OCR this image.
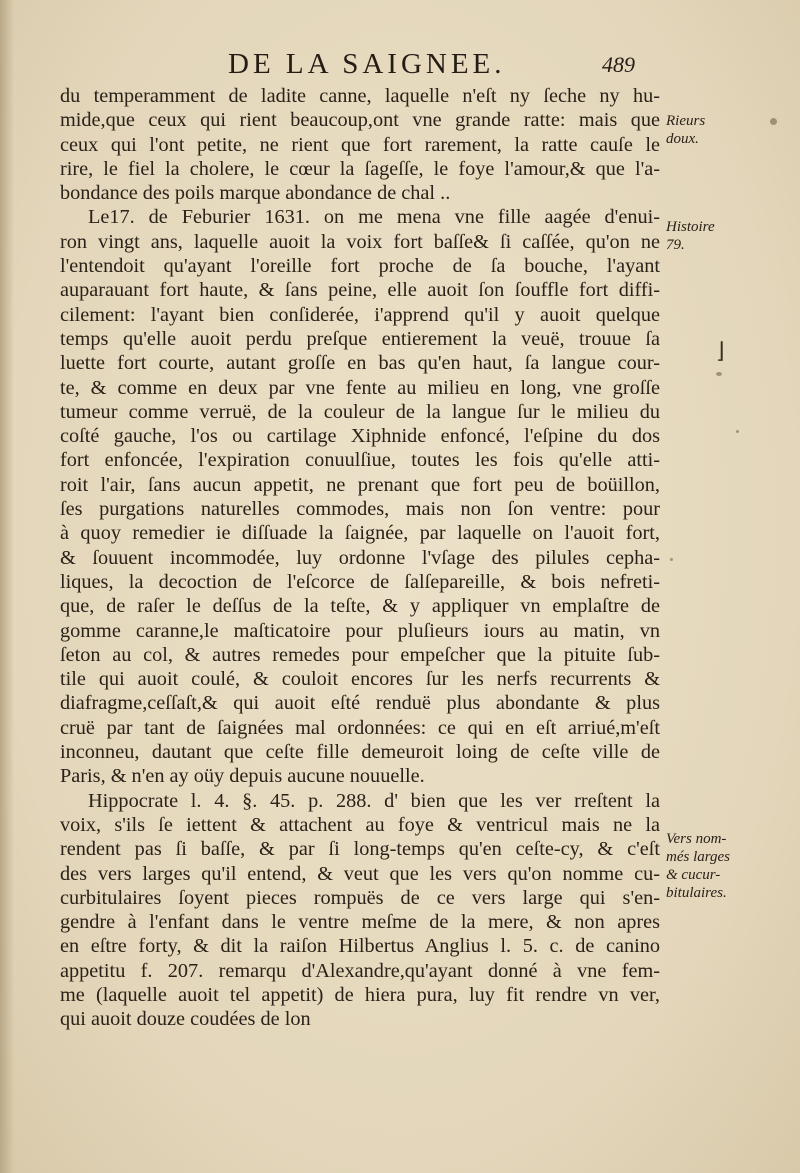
DE LA SAIGNEE.	489
du temperamment de ladite canne, laquelle n'eſt ny ſeche ny hu-
mide,que ceux qui rient beaucoup,ont vne grande ratte: mais que
ceux qui l'ont petite, ne rient que fort rarement, la ratte cauſe le
rire, le fiel la cholere, le cœur la ſageſſe, le foye l'amour,& que l'a-
bondance des poils marque abondance de chal ..
Le17. de Feburier 1631. on me mena vne fille aagée d'enui-
ron vingt ans, laquelle auoit la voix fort baſſe& ſi caſſée, qu'on ne
l'entendoit qu'ayant l'oreille fort proche de ſa bouche, l'ayant
auparauant fort haute, & ſans peine, elle auoit ſon ſouffle fort diffi-
cilement: l'ayant bien conſiderée, i'apprend qu'il y auoit quelque
temps qu'elle auoit perdu preſque entierement la veuë, trouue ſa
luette fort courte, autant groſſe en bas qu'en haut, ſa langue cour-
te, & comme en deux par vne fente au milieu en long, vne groſſe
tumeur comme verruë, de la couleur de la langue ſur le milieu du
coſté gauche, l'os ou cartilage Xiphnide enfoncé, l'eſpine du dos
fort enfoncée, l'expiration conuulſiue, toutes les fois qu'elle atti-
roit l'air, ſans aucun appetit, ne prenant que fort peu de boüillon,
ſes purgations naturelles commodes, mais non ſon ventre: pour
à quoy remedier ie diſſuade la ſaignée, par laquelle on l'auoit fort,
& ſouuent incommodée, luy ordonne l'vſage des pilules cepha-
liques, la decoction de l'eſcorce de ſalſepareille, & bois nefreti-
que, de raſer le deſſus de la teſte, & y appliquer vn emplaſtre de
gomme caranne,le maſticatoire pour pluſieurs iours au matin, vn
ſeton au col, & autres remedes pour empeſcher que la pituite ſub-
tile qui auoit coulé, & couloit encores ſur les nerfs recurrents &
diafragme,ceſſaſt,& qui auoit eſté renduë plus abondante & plus
cruë par tant de ſaignées mal ordonnées: ce qui en eſt arriué,m'eſt
inconneu, dautant que ceſte fille demeuroit loing de ceſte ville de
Paris, & n'en ay oüy depuis aucune nouuelle.
Hippocrate l. 4. §. 45. p. 288. d' bien que les ver rreſtent la
voix, s'ils ſe iettent & attachent au foye & ventricul mais ne la
rendent pas ſi baſſe, & par ſi long-temps qu'en ceſte-cy, & c'eſt
des vers larges qu'il entend, & veut que les vers qu'on nomme cu-
curbitulaires ſoyent pieces rompuës de ce vers large qui s'en-
gendre à l'enfant dans le ventre meſme de la mere, & non apres
en eſtre forty, & dit la raiſon Hilbertus Anglius l. 5. c. de canino
appetitu f. 207. remarqu d'Alexandre,qu'ayant donné à vne fem-
me (laquelle auoit tel appetit) de hiera pura, luy fit rendre vn ver,
qui auoit douze coudées de lon
Rieurs
doux.
Histoire
79.
Vers nom-
més larges
& cucur-
bitulaires.
⌋
